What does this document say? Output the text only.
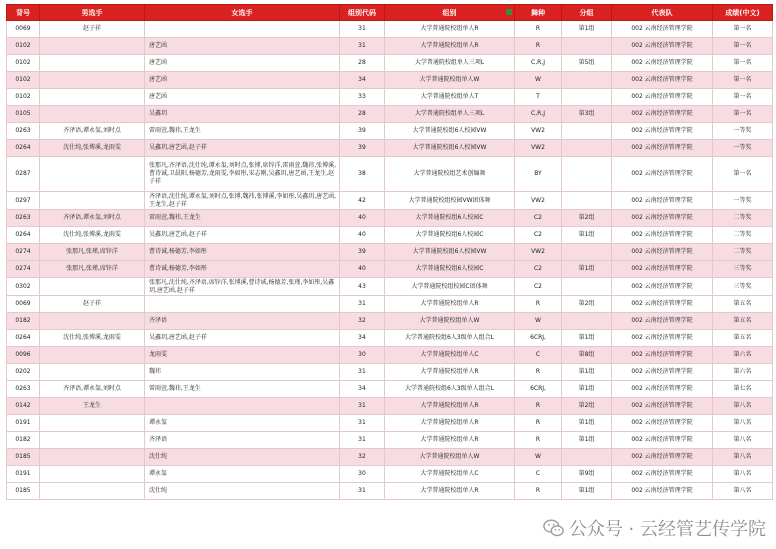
背号	男选手	女选手	组别代码	组别	舞种	分组	代表队	成绩(中文)
0069	赵子祥		31	大学普通院校组单人R	R	第1组	002 云南经济管理学院	第一名
0102		唐艺函	31	大学普通院校组单人R	R		002 云南经济管理学院	第一名
0102		唐艺函	28	大学普通院校组单人三项L	C,R,J	第5组	002 云南经济管理学院	第一名
0102		唐艺函	34	大学普通院校组单人W	W		002 云南经济管理学院	第一名
0102		唐艺函	33	大学普通院校组单人T	T		002 云南经济管理学院	第一名
0105		吴鑫玥	28	大学普通院校组单人三项L	C,R,J	第3组	002 云南经济管理学院	第一名
0263	齐泽语,谭永玺,刘时点	雷雨萱,魏祎,王龙生	39	大学普通院校组6人校园VW	VW2		002 云南经济管理学院	一等奖
0264	沈仕纯,张博溪,龙雨雯	吴鑫玥,唐艺函,赵子祥	39	大学普通院校组6人校园VW	VW2		002 云南经济管理学院	一等奖
0287		张那凡,齐泽语,沈仕纯,谭永玺,刘时点,张博,席锌洋,雷雨萱,魏祎,张博溪,曹诗诚,卫晨阳,杨德芳,龙雨雯,李如彤,宋志刚,吴鑫玥,唐艺函,王龙生,赵子祥	38	大学普通院校组艺术创编舞	BY		002 云南经济管理学院	第一名
0297		齐泽语,沈仕纯,谭永玺,刘时点,张博,魏祎,张博溪,李如彤,吴鑫玥,唐艺函,王龙生,赵子祥	42	大学普通院校组校园VW团体舞	VW2		002 云南经济管理学院	一等奖
0263	齐泽语,谭永玺,刘时点	雷雨萱,魏祎,王龙生	40	大学普通院校组6人校园C	C2	第2组	002 云南经济管理学院	二等奖
0264	沈仕纯,张博溪,龙雨雯	吴鑫玥,唐艺函,赵子祥	40	大学普通院校组6人校园C	C2	第1组	002 云南经济管理学院	二等奖
0274	张那凡,张瑾,席锌洋	曹诗诚,杨德芳,李如彤	39	大学普通院校组6人校园VW	VW2		002 云南经济管理学院	二等奖
0274	张那凡,张瑾,席锌洋	曹诗诚,杨德芳,李如彤	40	大学普通院校组6人校园C	C2	第1组	002 云南经济管理学院	三等奖
0302		张那凡,沈仕纯,齐泽语,席锌洋,张博溪,曹诗诚,杨德芳,张瑾,李如彤,吴鑫玥,唐艺函,赵子祥	43	大学普通院校组校园C团体舞	C2		002 云南经济管理学院	三等奖
0069	赵子祥		31	大学普通院校组单人R	R	第2组	002 云南经济管理学院	第五名
0182		齐泽语	32	大学普通院校组单人W	W		002 云南经济管理学院	第五名
0264	沈仕纯,张博溪,龙雨雯	吴鑫玥,唐艺函,赵子祥	34	大学普通院校组6人3级单人组合L	6CRJ,	第1组	002 云南经济管理学院	第五名
0096		龙雨雯	30	大学普通院校组单人C	C	第8组	002 云南经济管理学院	第六名
0202		魏祎	31	大学普通院校组单人R	R	第1组	002 云南经济管理学院	第六名
0263	齐泽语,谭永玺,刘时点	雷雨萱,魏祎,王龙生	34	大学普通院校组6人3级单人组合L	6CRJ,	第1组	002 云南经济管理学院	第七名
0142	王龙生		31	大学普通院校组单人R	R	第2组	002 云南经济管理学院	第八名
0191		谭永玺	31	大学普通院校组单人R	R	第1组	002 云南经济管理学院	第八名
0182		齐泽语	31	大学普通院校组单人R	R	第1组	002 云南经济管理学院	第八名
0185		沈仕纯	32	大学普通院校组单人W	W		002 云南经济管理学院	第八名
0191		谭永玺	30	大学普通院校组单人C	C	第9组	002 云南经济管理学院	第八名
0185		沈仕纯	31	大学普通院校组单人R	R	第1组	002 云南经济管理学院	第八名
公众号 · 云经管艺传学院
